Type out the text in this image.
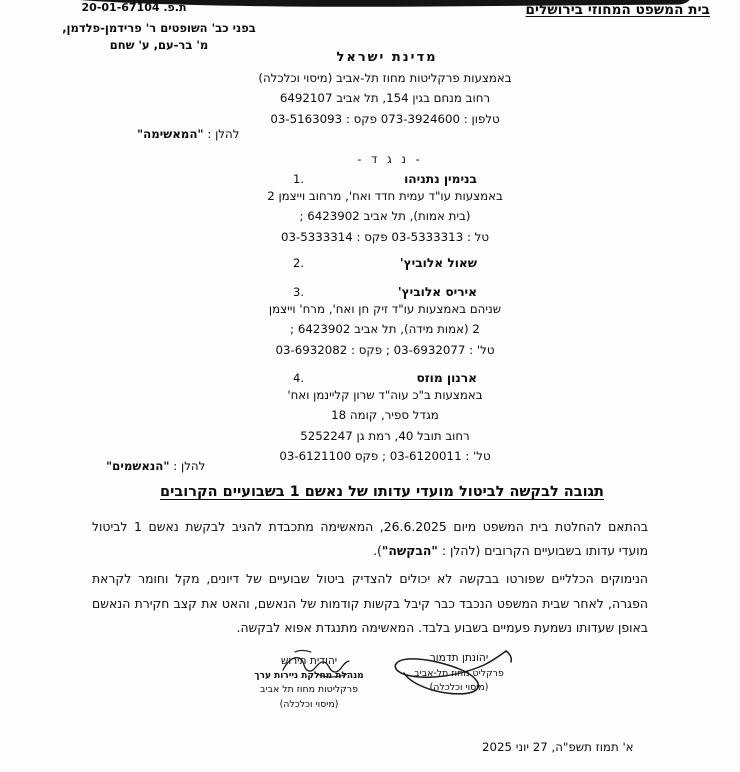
בית המשפט המחוזי בירושלים
ת.פ. 20-01-67104
בפני כב' השופטים ר' פרידמן-פלדמן,
מ' בר-עם, ע' שחם
מדינת ישראל
באמצעות פרקליטות מחוז תל-אביב (מיסוי וכלכלה)
רחוב מנחם בגין 154, תל אביב 6492107
טלפון : 073-3924600 פקס : 03-5163093
להלן : "המאשימה"
- נ ג ד -
בנימין נתניהו
1.
באמצעות עו"ד עמית חדד ואח', מרחוב וייצמן 2
(בית אמות), תל אביב 6423902 ;
טל : 03-5333313 פקס : 03-5333314
שאול אלוביץ'
2.
איריס אלוביץ'
3.
שניהם באמצעות עו"ד זיק חן ואח', מרח' וייצמן
2 (אמות מידה), תל אביב 6423902 ;
טל' : 03-6932077 ; פקס : 03-6932082
ארנון מוזס
4.
באמצעות ב"כ עוה"ד שרון קליינמן ואח'
מגדל ספיר, קומה 18
רחוב תובל 40, רמת גן 5252247
טל' : 03-6120011 ; פקס 03-6121100
להלן : "הנאשמים"
תגובה לבקשה לביטול מועדי עדותו של נאשם 1 בשבועיים הקרובים

בהתאם להחלטת בית המשפט מיום 26.6.2025, המאשימה מתכבדת להגיב לבקשת נאשם 1 לביטול מועדי עדותו בשבועיים הקרובים (להלן : "הבקשה").

הנימוקים הכלליים שפורטו בבקשה לא יכולים להצדיק ביטול שבועיים של דיונים, מקל וחומר לקראת הפגרה, לאחר שבית המשפט הנכבד כבר קיבל בקשות קודמות של הנאשם, והאט את קצב חקירת הנאשם באופן שעדותו נשמעת פעמיים בשבוע בלבד. המאשימה מתנגדת אפוא לבקשה.

יהונתן תדמור
פרקליט מחוז תל-אביב
(מיסוי וכלכלה)
יהודית תירוש
מנהלת מחלקת ניירות ערך
פרקליטות מחוז תל אביב
(מיסוי וכלכלה)
א' תמוז תשפ"ה, 27 יוני 2025
